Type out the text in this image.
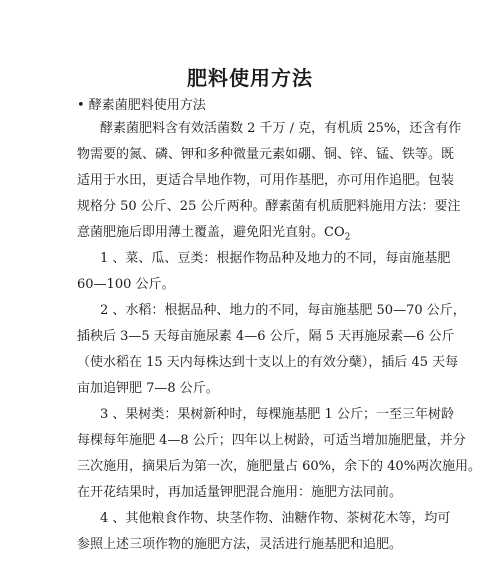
肥料使用方法
• 酵素菌肥料使用方法
酵素菌肥料含有效活菌数 2 千万 / 克，有机质 25%，还含有作
物需要的氮、磷、钾和多种微量元素如硼、铜、锌、锰、铁等。既
适用于水田，更适合旱地作物，可用作基肥，亦可用作追肥。包装
规格分 50 公斤、25 公斤两种。酵素菌有机质肥料施用方法：要注
意菌肥施后即用薄土覆盖，避免阳光直射。$CO_2$
1 、菜、瓜、豆类：根据作物品种及地力的不同，每亩施基肥
60—100 公斤。
2 、水稻：根据品种、地力的不同，每亩施基肥 50—70 公斤，
插秧后 3—5 天每亩施尿素 4—6 公斤，隔 5 天再施尿素—6 公斤
（使水稻在 15 天内每株达到十支以上的有效分蘖），插后 45 天每
亩加追钾肥 7—8 公斤。
3 、果树类：果树新种时，每棵施基肥 1 公斤；一至三年树龄
每棵每年施肥 4—8 公斤；四年以上树龄，可适当增加施肥量，并分
三次施用，摘果后为第一次，施肥量占 60%，余下的 40%两次施用。
在开花结果时，再加适量钾肥混合施用：施肥方法同前。
4 、其他粮食作物、块茎作物、油糖作物、茶树花木等，均可
参照上述三项作物的施肥方法，灵活进行施基肥和追肥。
